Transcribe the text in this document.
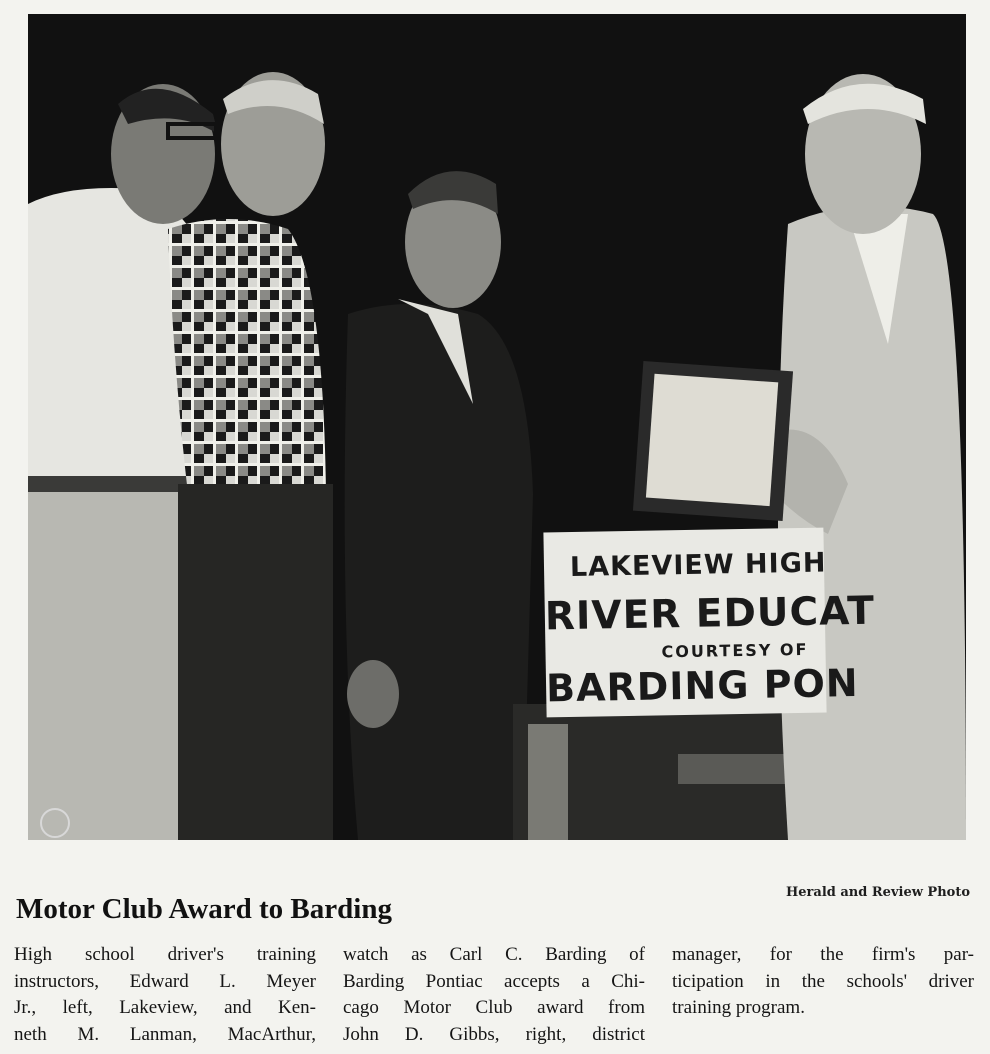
LAKEVIEW HIGH
RIVER EDUCAT
COURTESY OF
BARDING PON
Herald and Review Photo
Motor Club Award to Barding
High school driver's training
instructors, Edward L. Meyer
Jr., left, Lakeview, and Ken-
neth M. Lanman, MacArthur,
watch as Carl C. Barding of
Barding Pontiac accepts a Chi-
cago Motor Club award from
John D. Gibbs, right, district
manager, for the firm's par-
ticipation in the schools' driver
training program.
